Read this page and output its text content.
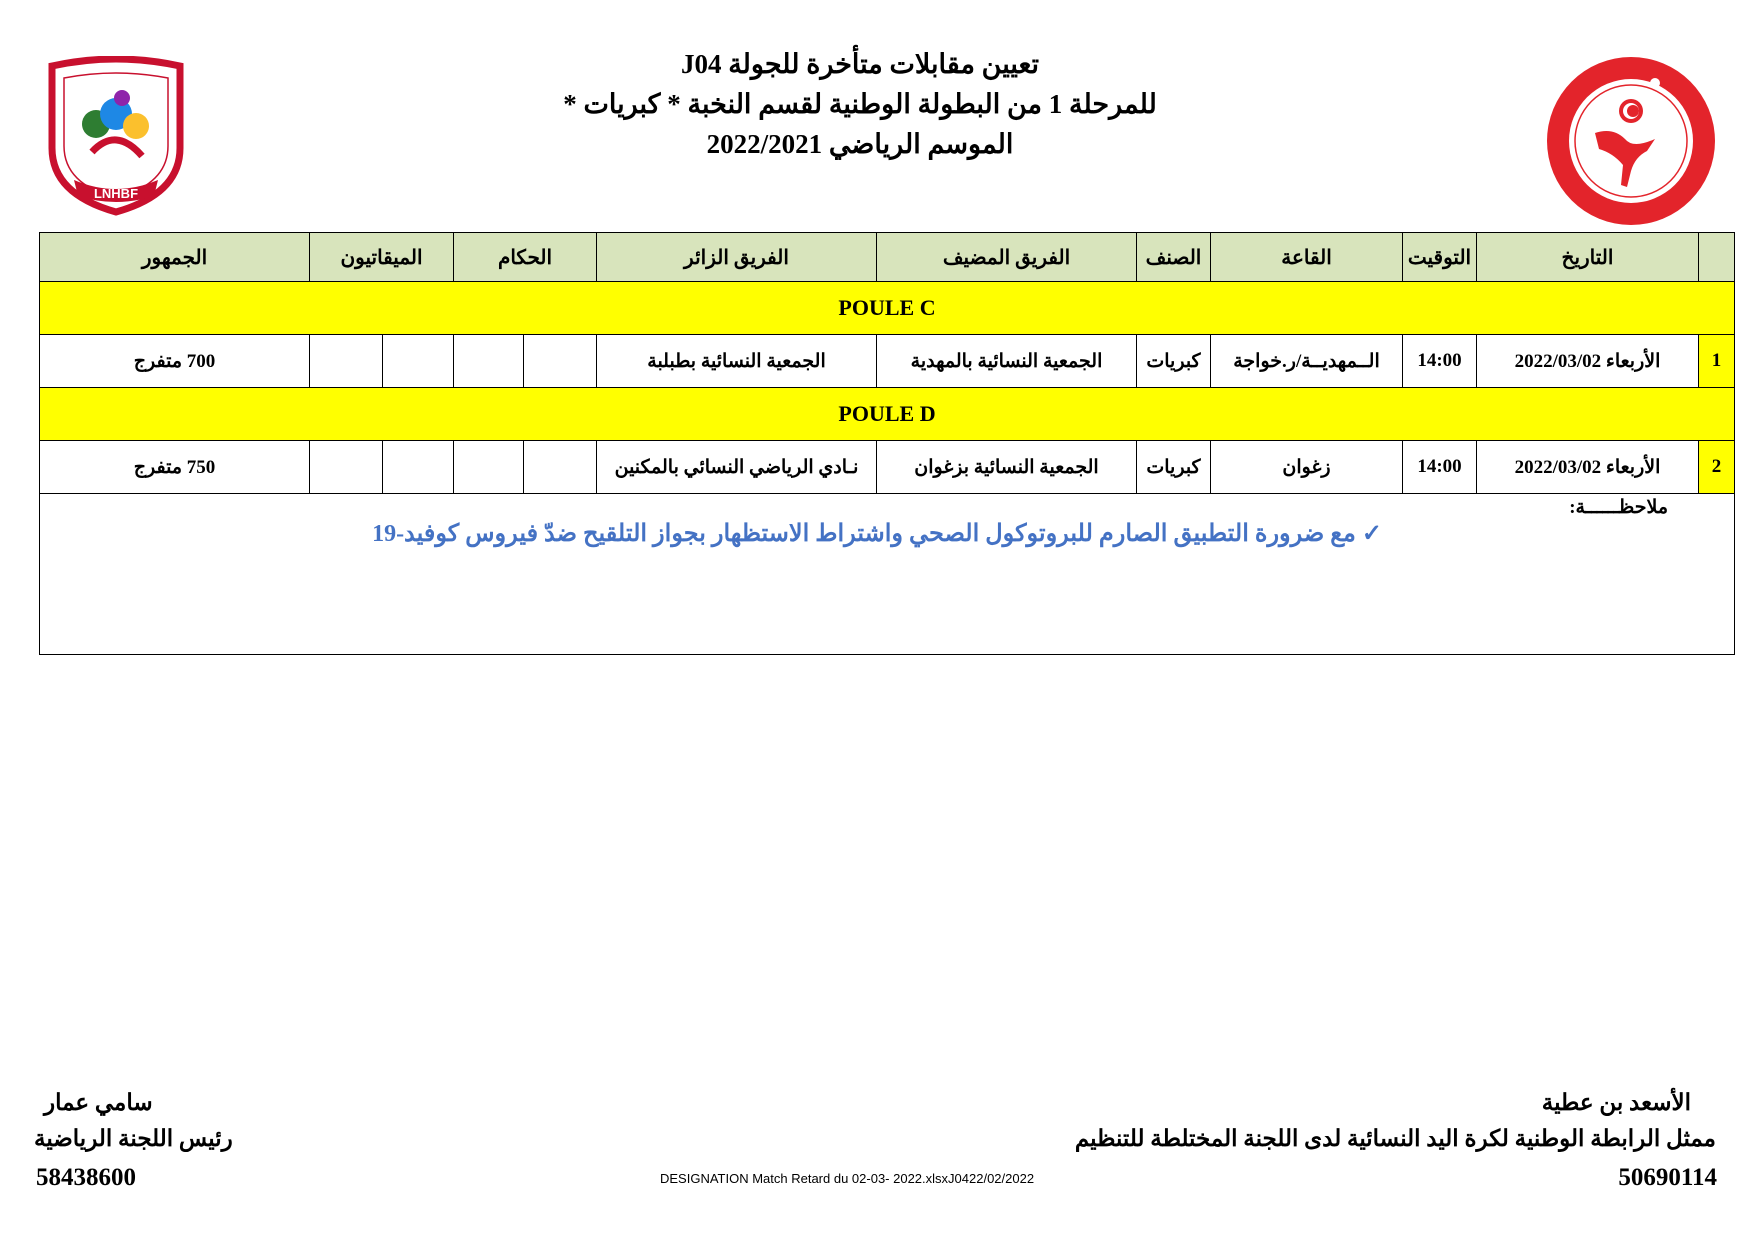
LNHBF
تعيين مقابلات متأخرة للجولة J04
للمرحلة 1 من البطولة الوطنية لقسم النخبة * كبريات *
الموسم الرياضي 2022/2021
	التاريخ	التوقيت	القاعة	الصنف	الفريق المضيف	الفريق الزائر	الحكام		الميقاتيون		الجمهور
POULE C											
1	الأربعاء 2022/03/02	14:00	الــمهديــة/ر.خواجة	كبريات	الجمعية النسائية بالمهدية	الجمعية النسائية بطبلبة					700 متفرج
POULE D											
2	الأربعاء 2022/03/02	14:00	زغوان	كبريات	الجمعية النسائية بزغوان	نـادي الرياضي النسائي بالمكنين					750 متفرج

ملاحظــــــة:
✓ مع ضرورة التطبيق الصارم للبروتوكول الصحي واشتراط الاستظهار بجواز التلقيح ضدّ فيروس كوفيد-19											
الأسعد بن عطية
ممثل الرابطة الوطنية لكرة اليد النسائية لدى اللجنة المختلطة للتنظيم
50690114
سامي عمار
رئيس اللجنة الرياضية
58438600	DESIGNATION Match Retard du 02-03- 2022.xlsxJ0422/02/2022
